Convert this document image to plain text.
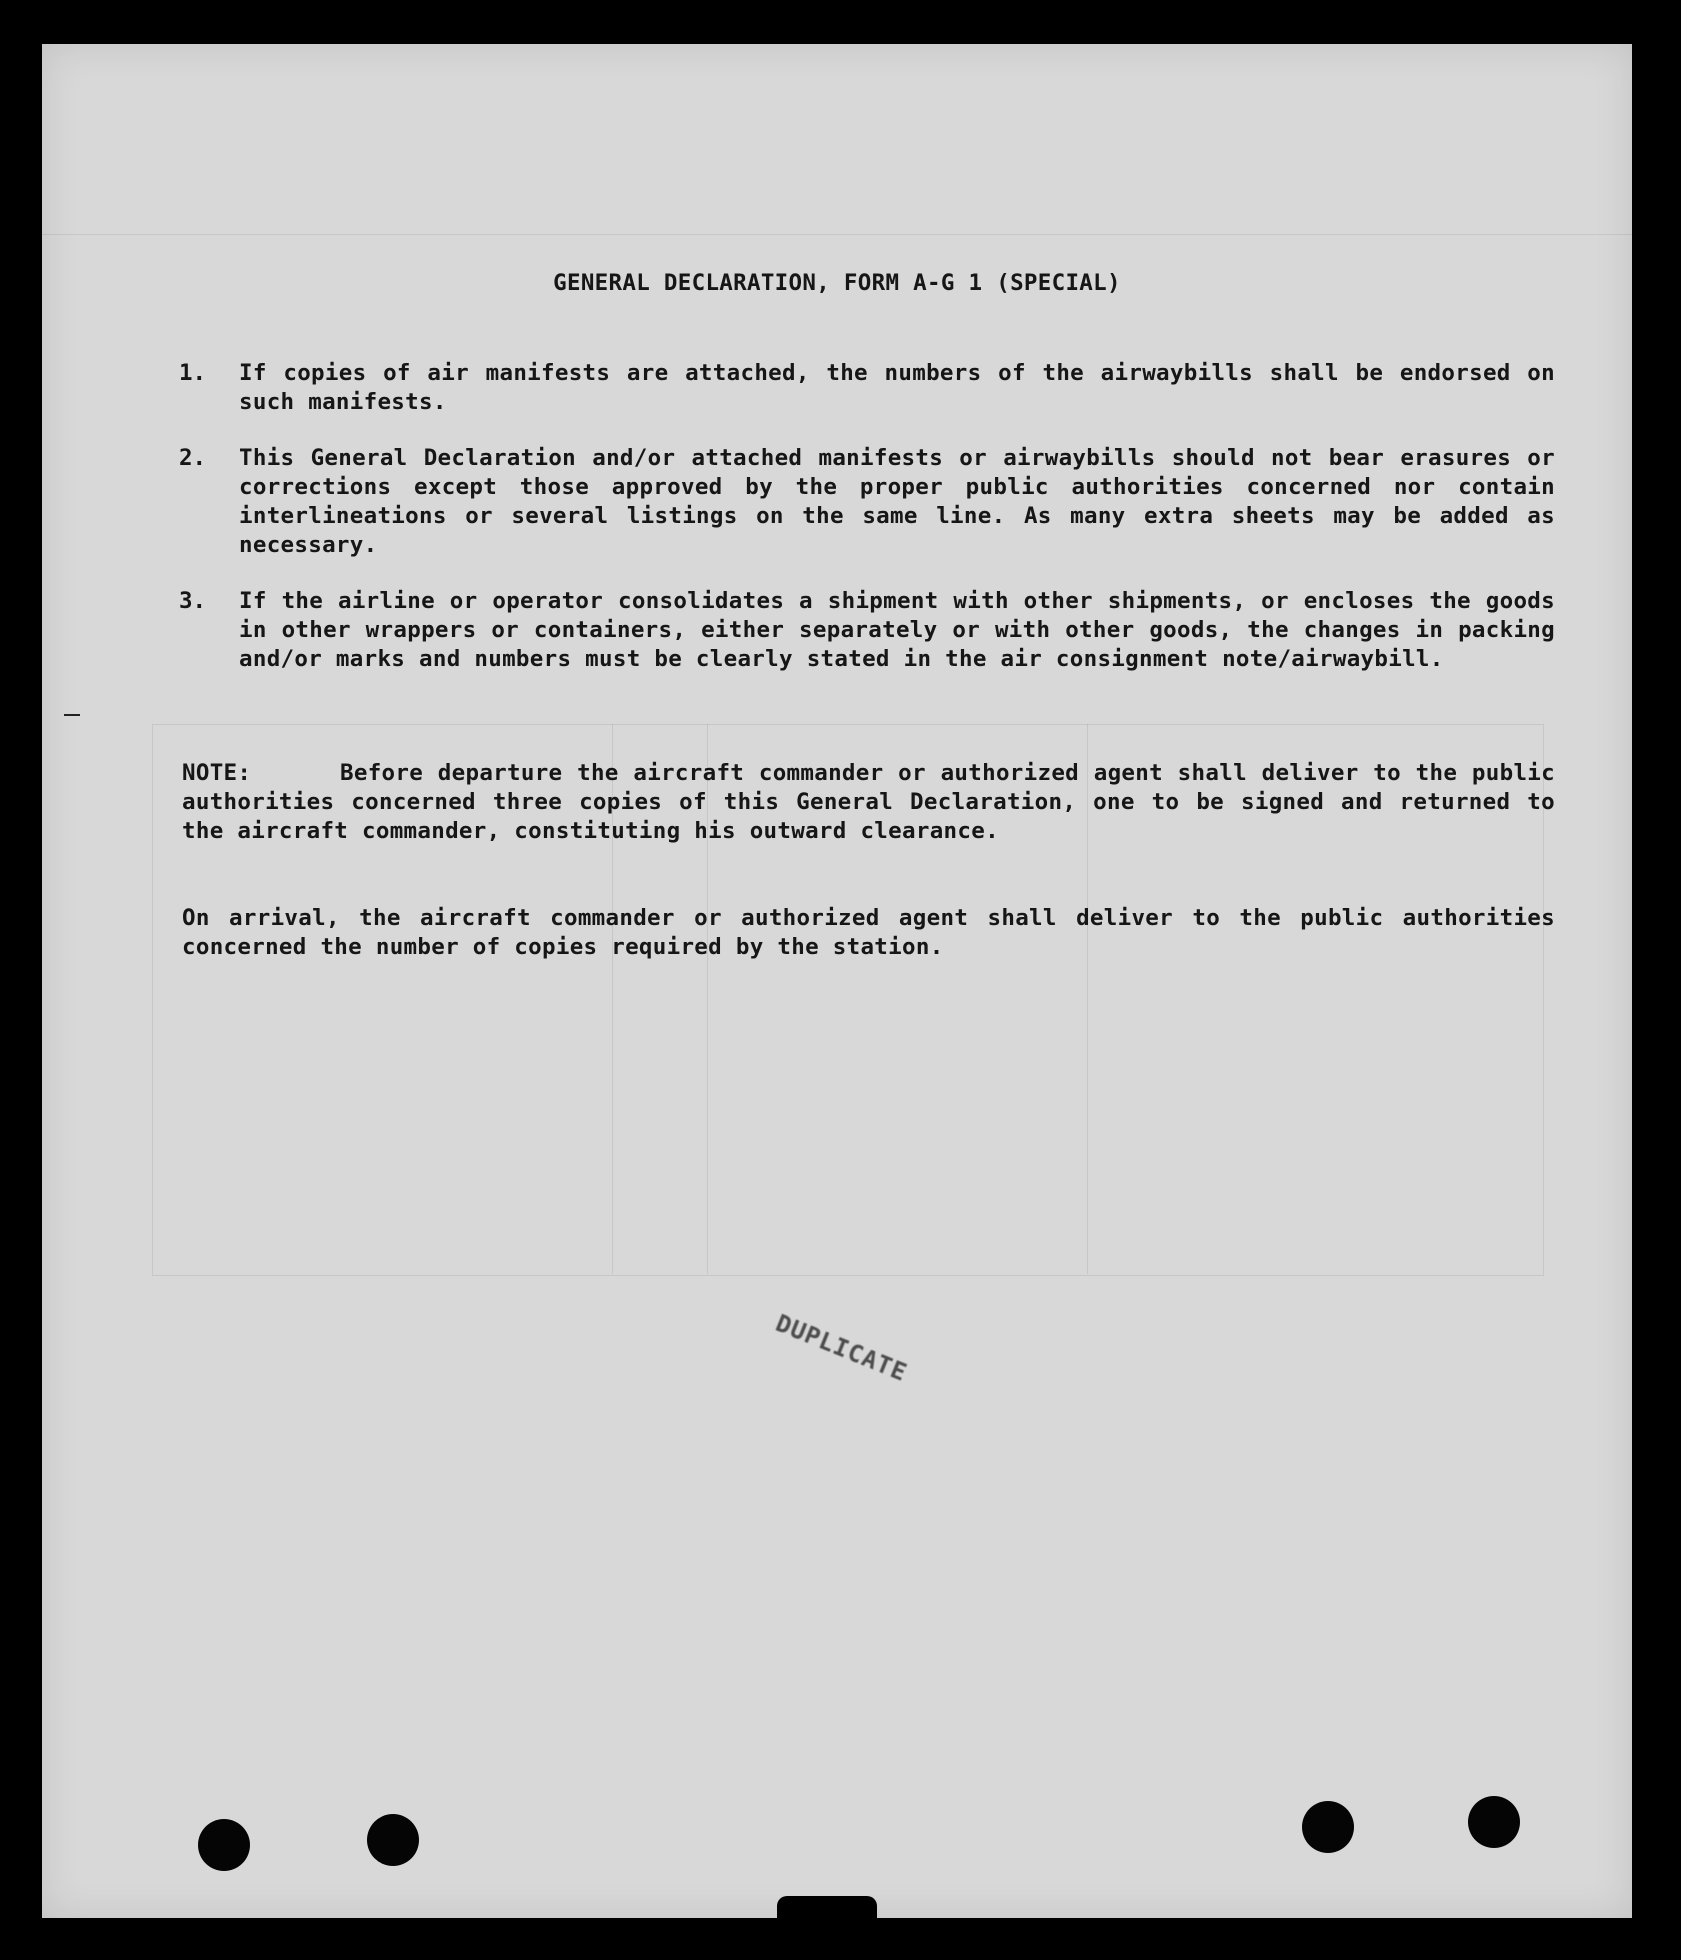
GENERAL DECLARATION, FORM A-G 1 (SPECIAL)
1.	If copies of air manifests are attached, the numbers of the airwaybills shall be endorsed on such manifests.
2.	This General Declaration and/or attached manifests or airwaybills should not bear erasures or corrections except those approved by the proper public authorities concerned nor contain interlineations or several listings on the same line. As many extra sheets may be added as necessary.
3.	If the airline or operator consolidates a shipment with other shipments, or encloses the goods in other wrappers or containers, either separately or with other goods, the changes in packing and/or marks and numbers must be clearly stated in the air consignment note/airwaybill.
NOTE:	Before departure the aircraft commander or authorized agent shall deliver to the public authorities concerned three copies of this General Declaration, one to be signed and returned to the aircraft commander, constituting his outward clearance.
On arrival, the aircraft commander or authorized agent shall deliver to the public authorities concerned the number of copies required by the station.
DUPLICATE
